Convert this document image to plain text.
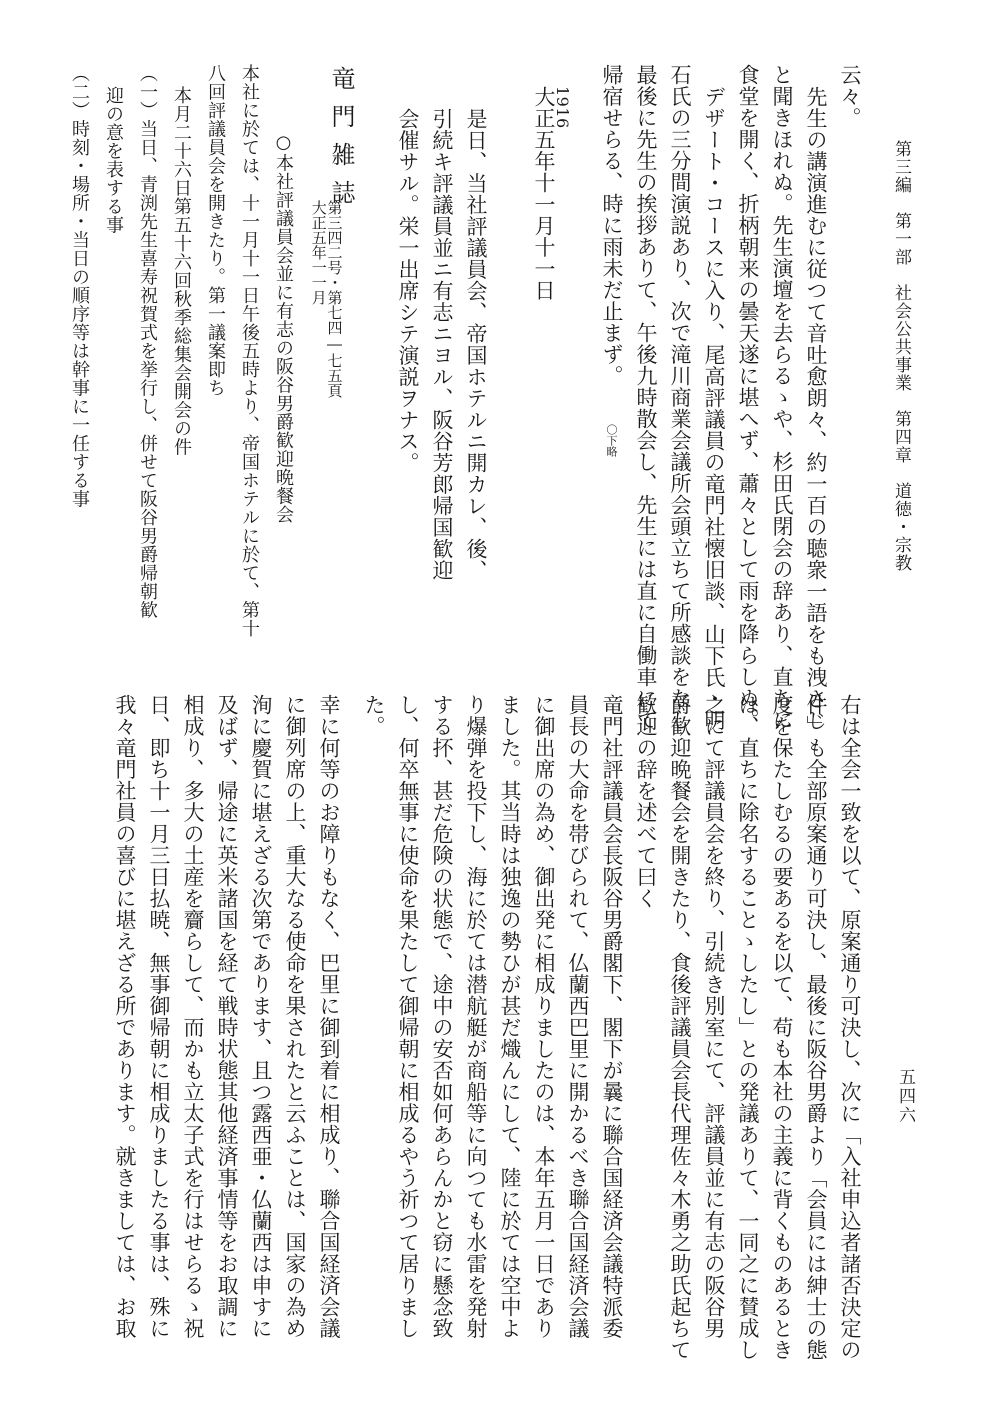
五四六
第三編　第一部　社会公共事業　第四章　道徳・宗教
云々。
先生の講演進むに従つて音吐愈朗々、約一百の聴衆一語をも洩さじ
と聞きほれぬ。先生演壇を去らるゝや、杉田氏閉会の辞あり、直ちに
食堂を開く、折柄朝来の曇天遂に堪へず、蕭々として雨を降らしぬ。
デザート・コースに入り、尾高評議員の竜門社懐旧談、山下氏・明
石氏の三分間演説あり、次で滝川商業会議所会頭立ちて所感談をなし
最後に先生の挨拶ありて、午後九時散会し、先生には直に自働車にて
帰宿せらる、時に雨未だ止まず。
〇下略
1916
大正五年十一月十一日
是日、当社評議員会、帝国ホテルニ開カレ、後、
引続キ評議員並ニ有志ニヨル、阪谷芳郎帰国歓迎
会催サル。栄一出席シテ演説ヲナス。
竜門雑誌
第三四二号・第七四―七五頁
大正五年一一月
○本社評議員会並に有志の阪谷男爵歓迎晩餐会
本社に於ては、十一月十一日午後五時より、帝国ホテルに於て、第十
八回評議員会を開きたり。第一議案即ち
本月二十六日第五十六回秋季総集会開会の件
（一）当日、青渕先生喜寿祝賀式を挙行し、併せて阪谷男爵帰朝歓
迎の意を表する事
（二）時刻・場所・当日の順序等は幹事に一任する事
右は全会一致を以て、原案通り可決し、次に「入社申込者諸否決定の
件」も全部原案通り可決し、最後に阪谷男爵より「会員には紳士の態
度を保たしむるの要あるを以て、苟も本社の主義に背くものあるとき
は、直ちに除名することゝしたし」との発議ありて、一同之に賛成し
之にて評議員会を終り、引続き別室にて、評議員並に有志の阪谷男
爵歓迎晩餐会を開きたり、食後評議員会長代理佐々木勇之助氏起ちて
歓迎の辞を述べて曰く
竜門社評議員会長阪谷男爵閣下、閣下が曩に聯合国経済会議特派委
員長の大命を帯びられて、仏蘭西巴里に開かるべき聯合国経済会議
に御出席の為め、御出発に相成りましたのは、本年五月一日であり
ました。其当時は独逸の勢ひが甚だ熾んにして、陸に於ては空中よ
り爆弾を投下し、海に於ては潜航艇が商船等に向つても水雷を発射
する抔、甚だ危険の状態で、途中の安否如何あらんかと窃に懸念致
し、何卒無事に使命を果たして御帰朝に相成るやう祈つて居りまし
た。
幸に何等のお障りもなく、巴里に御到着に相成り、聯合国経済会議
に御列席の上、重大なる使命を果されたと云ふことは、国家の為め
洵に慶賀に堪えざる次第であります、且つ露西亜・仏蘭西は申すに
及ばず、帰途に英米諸国を経て戦時状態其他経済事情等をお取調に
相成り、多大の土産を齎らして、而かも立太子式を行はせらるゝ祝
日、即ち十一月三日払暁、無事御帰朝に相成りましたる事は、殊に
我々竜門社員の喜びに堪えざる所であります。就きましては、お取
